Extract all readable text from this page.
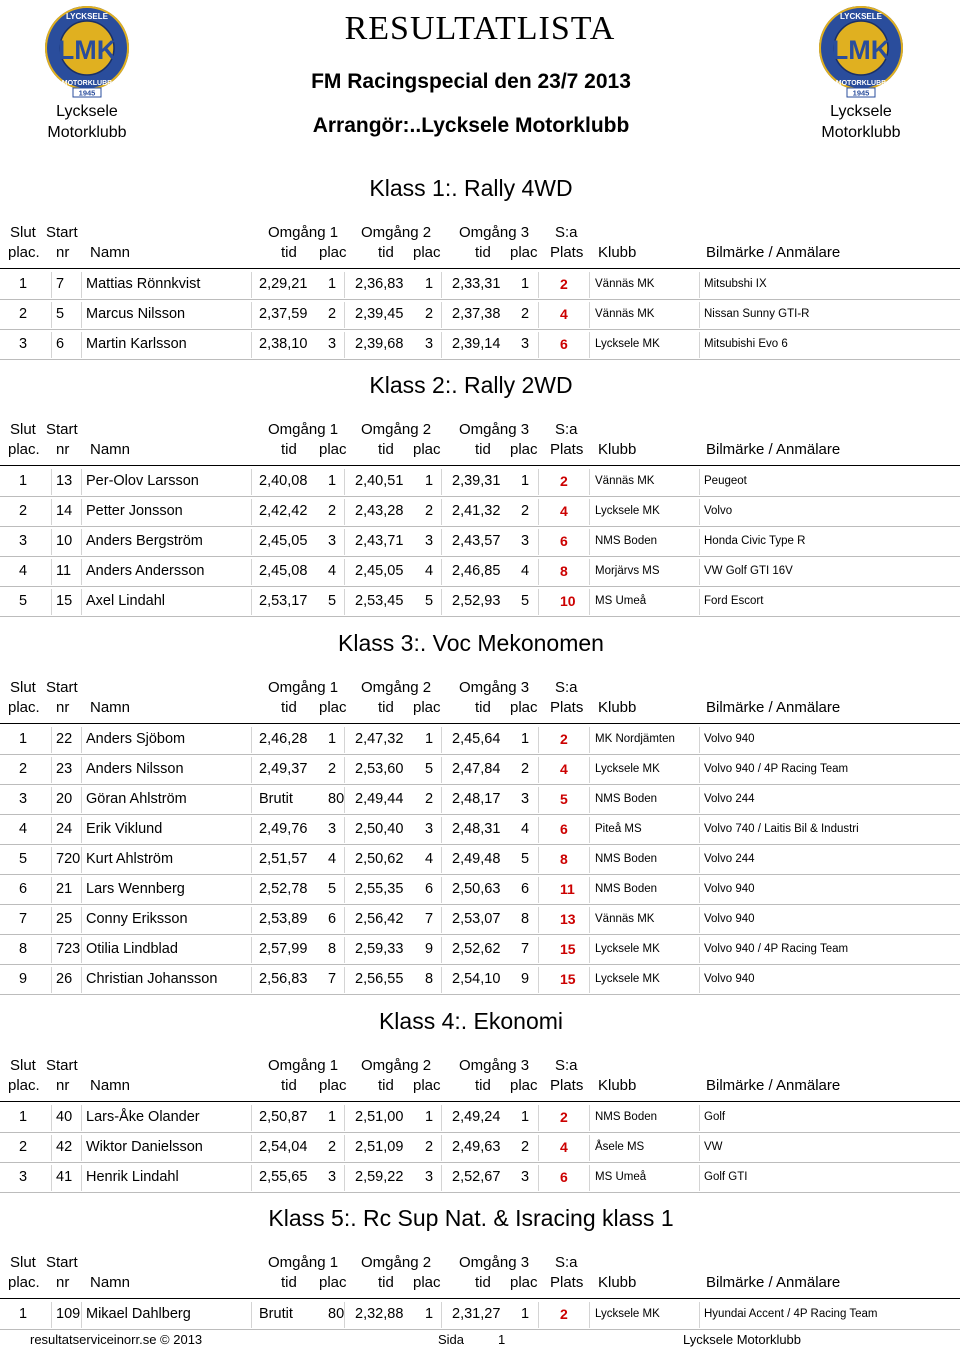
LMK
LYCKSELE
MOTORKLUBB
1945
Lycksele
Motorklubb
LMK
LYCKSELE
MOTORKLUBB
1945
Lycksele
Motorklubb
RESULTATLISTA
FM Racingspecial den 23/7 2013
Arrangör:..Lycksele Motorklubb
Klass 1:. Rally 4WD
Slut Start	Omgång 1 Omgång 2 Omgång 3 S:a
plac. nr Namn	tid plac tid plac tid plac Plats Klubb	Bilmärke / Anmälare
1 7 Mattias Rönnkvist	2,29,21 1 2,36,83 1 2,33,31 1 2 Vännäs MK	Mitsubshi IX
2 5 Marcus Nilsson	2,37,59 2 2,39,45 2 2,37,38 2 4 Vännäs MK	Nissan Sunny GTI-R
3 6 Martin Karlsson	2,38,10 3 2,39,68 3 2,39,14 3 6 Lycksele MK	Mitsubishi Evo 6
Klass 2:. Rally 2WD
Slut Start	Omgång 1 Omgång 2 Omgång 3 S:a
plac. nr Namn	tid plac tid plac tid plac Plats Klubb	Bilmärke / Anmälare
1 13 Per-Olov Larsson	2,40,08 1 2,40,51 1 2,39,31 1 2 Vännäs MK	Peugeot
2 14 Petter Jonsson	2,42,42 2 2,43,28 2 2,41,32 2 4 Lycksele MK	Volvo
3 10 Anders Bergström	2,45,05 3 2,43,71 3 2,43,57 3 6 NMS Boden	Honda Civic Type R
4 11 Anders Andersson	2,45,08 4 2,45,05 4 2,46,85 4 8 Morjärvs MS	VW Golf GTI 16V
5 15 Axel Lindahl	2,53,17 5 2,53,45 5 2,52,93 5 10 MS Umeå	Ford Escort
Klass 3:. Voc Mekonomen
Slut Start	Omgång 1 Omgång 2 Omgång 3 S:a
plac. nr Namn	tid plac tid plac tid plac Plats Klubb	Bilmärke / Anmälare
1 22 Anders Sjöbom	2,46,28 1 2,47,32 1 2,45,64 1 2 MK Nordjämten	Volvo 940
2 23 Anders Nilsson	2,49,37 2 2,53,60 5 2,47,84 2 4 Lycksele MK	Volvo 940 / 4P Racing Team
3 20 Göran Ahlström	Brutit 80 2,49,44 2 2,48,17 3 5 NMS Boden	Volvo 244
4 24 Erik Viklund	2,49,76 3 2,50,40 3 2,48,31 4 6 Piteå MS	Volvo 740 / Laitis Bil & Industri
5 720 Kurt Ahlström	2,51,57 4 2,50,62 4 2,49,48 5 8 NMS Boden	Volvo 244
6 21 Lars Wennberg	2,52,78 5 2,55,35 6 2,50,63 6 11 NMS Boden	Volvo 940
7 25 Conny Eriksson	2,53,89 6 2,56,42 7 2,53,07 8 13 Vännäs MK	Volvo 940
8 723 Otilia Lindblad	2,57,99 8 2,59,33 9 2,52,62 7 15 Lycksele MK	Volvo 940 / 4P Racing Team
9 26 Christian Johansson	2,56,83 7 2,56,55 8 2,54,10 9 15 Lycksele MK	Volvo 940
Klass 4:. Ekonomi
Slut Start	Omgång 1 Omgång 2 Omgång 3 S:a
plac. nr Namn	tid plac tid plac tid plac Plats Klubb	Bilmärke / Anmälare
1 40 Lars-Åke Olander	2,50,87 1 2,51,00 1 2,49,24 1 2 NMS Boden	Golf
2 42 Wiktor Danielsson	2,54,04 2 2,51,09 2 2,49,63 2 4 Åsele MS	VW
3 41 Henrik Lindahl	2,55,65 3 2,59,22 3 2,52,67 3 6 MS Umeå	Golf GTI
Klass 5:. Rc Sup Nat. & Isracing klass 1
Slut Start	Omgång 1 Omgång 2 Omgång 3 S:a
plac. nr Namn	tid plac tid plac tid plac Plats Klubb	Bilmärke / Anmälare
1 109 Mikael Dahlberg	Brutit 80 2,32,88 1 2,31,27 1 2 Lycksele MK	Hyundai Accent / 4P Racing Team
resultatserviceinorr.se © 2013	Sida	1	Lycksele Motorklubb
